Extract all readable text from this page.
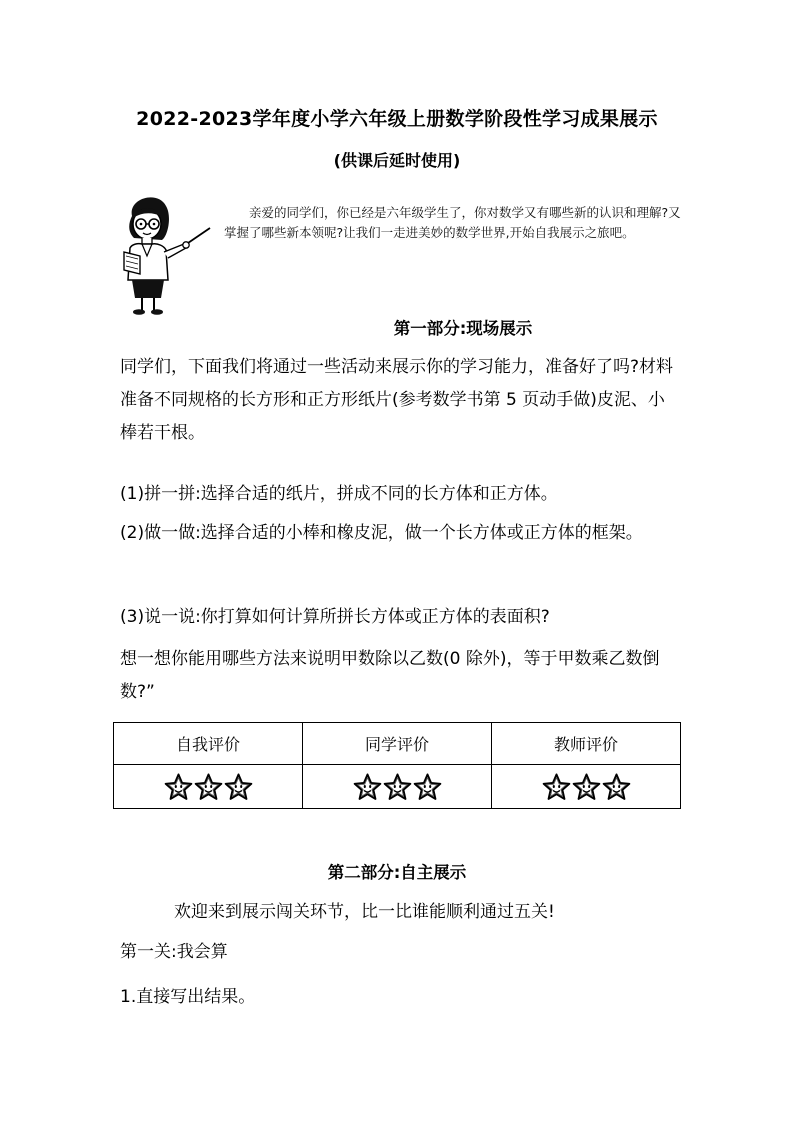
2022-2023学年度小学六年级上册数学阶段性学习成果展示
(供课后延时使用)

亲爱的同学们，你已经是六年级学生了，你对数学又有哪些新的认识和理解?又掌握了哪些新本领呢?让我们一走进美妙的数学世界,开始自我展示之旅吧。

第一部分:现场展示

同学们，下面我们将通过一些活动来展示你的学习能力，准备好了吗?材料准备不同规格的长方形和正方形纸片(参考数学书第 5 页动手做)皮泥、小棒若干根。

(1)拼一拼:选择合适的纸片，拼成不同的长方体和正方体。

(2)做一做:选择合适的小棒和橡皮泥，做一个长方体或正方体的框架。

(3)说一说:你打算如何计算所拼长方体或正方体的表面积?

想一想你能用哪些方法来说明甲数除以乙数(0 除外)，等于甲数乘乙数倒数?”

自我评价	同学评价	教师评价

第二部分:自主展示
欢迎来到展示闯关环节，比一比谁能顺利通过五关!
第一关:我会算
1.直接写出结果。
